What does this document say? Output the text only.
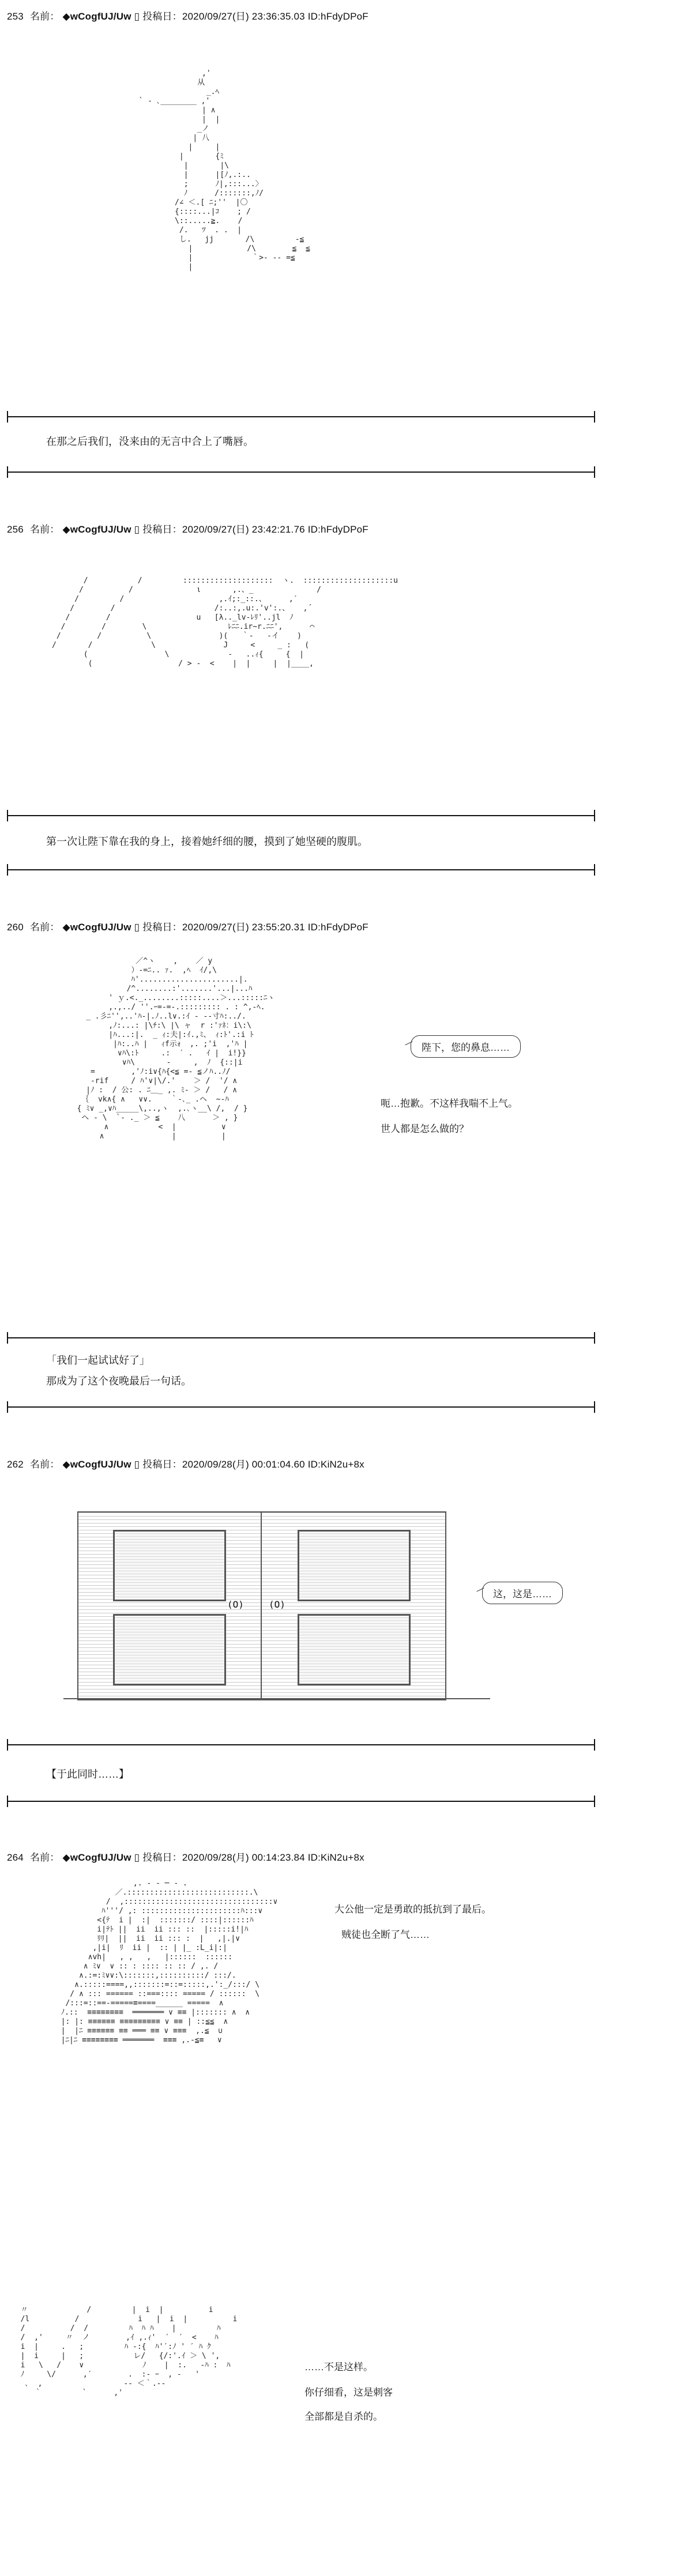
253 名前： ◆wCogfUJ/Uw ▯ 投稿日：2020/09/27(日) 23:36:35.03 ID:hFdyDPoF
,'
从
_.ﾍ
` ‐ ､________ ,'
| ∧
|  |
_ノ
| 八
|     |
|       {ﾐ
|       |\
|      |[ﾉ,.:..
;      ﾉ|,:::...〉
ﾉ      /:::::::,ﾉ/
/∠ ＜.[ ﾆ;''  |〇
{::::...|ｺ    ; /
\::.....≧.    /
/.   ﾂ  . .  |
し.   jj       /\         -≦
|            /\        ≦  ≦
|             ｀>- -- =≦
|

在那之后我们，没来由的无言中合上了嘴唇。
256 名前： ◆wCogfUJ/Uw ▯ 投稿日：2020/09/27(日) 23:42:21.76 ID:hFdyDPoF
/           /         ::::::::::::::::::::  ヽ.  ::::::::::::::::::::u
/          /              ι       ,.、_              /
/         /                     ,.ｲ;:_::.、     ,′
/        /                      /:..:,.u:.'v':.、   ,´
/        /                   u   [λ.._lv-ﾚﾘ'..jl  ﾉ
/        /        \                  ﾚﾆﾆ.ir~r.ﾆﾆ',      ⌒
/        /          \               )(   ｀‐   ‐イ    )
/       /             \               J     <     _ :   (
(                 \             ‐   ..ｨ{     {  |
(                   / > -  <    |  |     |  |____,

第一次让陛下靠在我的身上，接着她纤细的腰，摸到了她坚硬的腹肌。
260 名前： ◆wCogfUJ/Uw ▯ 投稿日：2020/09/27(日) 23:55:20.31 ID:hFdyDPoF
／^ヽ    ,    ／ y
）-=ﾆ.. ｧ.  ,ﾍ  ｲ/,\
ﾊ'......................|.
/^........:'.......'...|...ﾊ
' ｙ.<._........:::::....＞...:::::ﾆヽ
,.,../ ''.ｰ=-=-.::::::::: . : ^,-ﾍ.
_ .彡ﾆ'',..'ﾊ-|.ﾉ..l∨.:ｲ ‐ -‐寸ﾊ:../.
,ﾉ:...: |\ﾁ:\ |\ ャ  r :'ｧﾈ：i\:\
|ﾊ...:|.  _ ｨ:夫|:ｲ.,ﾐ、 ｨ:ﾄ'.:i ﾄ
|ﾊ:..ﾊ |   ｨf示ｫ  ,. ;'i  ,'ﾊ |
∨ﾊ\:ﾄ     .:  ′ .   ｲ |  i!}}
∨ﾊ\       -     ,  ﾉ  {::|i
=        ,'ﾉ:i∨{ﾊ{<≦ =‐ ≦ノﾊ..ﾉ/
-rif     / ﾊ'∨|\/.'    ＞ /  '/ ∧
|ﾉ :  / 公: . ﾆ＿_ ,. ﾐ‐ ＞ /   / ∧
｛  vk∧{ ∧   ∨∨.    ｀‐､_ .ヘ  ~-ﾊ
{ ﾐ∨ _,∨ﾊ_____\,..,ヽ  ,.､ヽ__\ /,  / }
ヘ - \  `‐ ._ ＞ ≦    八      ＞ , }
∧           <  |          ∨
∧               |          |

陛下，您的鼻息……
呃…抱歉。不这样我喘不上气。
世人都是怎么做的？
「我们一起试试好了」
那成为了这个夜晚最后一句话。
262 名前： ◆wCogfUJ/Uw ▯ 投稿日：2020/09/28(月) 00:01:04.60 ID:KiN2u+8x
(O)	(O)
这，这是……
【于此同时……】
264 名前： ◆wCogfUJ/Uw ▯ 投稿日：2020/09/28(月) 00:14:23.84 ID:KiN2u+8x
,. - ‐ ─ - .
／.:::::::::::::::::::::::::::.\
/  ,:::::::::::::::::::::::::::::::::∨
ﾊ'''/ ,: ::::::::::::::::::::::ﾊ:::∨
<{ﾃ  i |  :|  :::::::/ ::::|::::::ﾊ
i|ﾃﾄ ||  ii  ii ::: ::  |:::::i!|ﾊ
ﾘﾘ|  ||  ii  ii ::: :  |   ,|.|∨
,|i|  ﾘ  ii |  :: | |_ :L_i|:|
∧vh|   , ,   ,   |::::::  ::::::
∧ ﾐ∨  ∨ :: : :::: :: :: / ,. /
∧.:=:ﾐ∨∨:\:::::::,::::::::::/ :::/.
∧.:::::====,,:::::::=::=:::::,.':_/:::/ \
/ ∧ ::: ====== ::===:::: ===== / ::::::  \
/:::=::==-=====≡====______ =====  ∧
ﾉ.::  ≡≡≡≡≡≡≡≡  ═══════ ∨ ≡≡ |::::::: ∧  ∧
|: |: ≡≡≡≡≡≡ ≡≡≡≡≡≡≡≡≡ ∨ ≡≡ | ::≦≦  ∧
|  |ﾆ ≡≡≡≡≡≡ ≡≡ ═══ ≡≡ ∨ ≡≡≡  ,.≦  ∪
|ﾆ|ﾆ ≡≡≡≡≡≡≡≡ ═══════  ≡≡≡ ,.-≦≡   ∨

大公他一定是勇敢的抵抗到了最后。
贼徒也全断了气……
〃             /         |  i  |          i
/l          /             i   |  i  |          i
/          /  /         ﾊ  ﾊ ﾊ    |         ﾊ
/  ,'     〃  ノ        ,ｲ ,.ｨ'  ′  ′  <    ﾊ
i  |     .   ;         ﾊ ‐:{  ﾊ'′:ﾉ ' ′ ﾊ ｸ
|  i     |   ;           レ/   {/:'.ｲ ＞ \ ',
i   \   /    ∨             ﾉ    |  :.   ‐ﾊ :  ﾊ
ﾉ     \/      ,′        .  :‐ ｰ  , ‐   '
､  ,                  -- ＜｀.-‐
｀         `      ,'

……不是这样。
你仔细看，这是刺客
全部都是自杀的。
